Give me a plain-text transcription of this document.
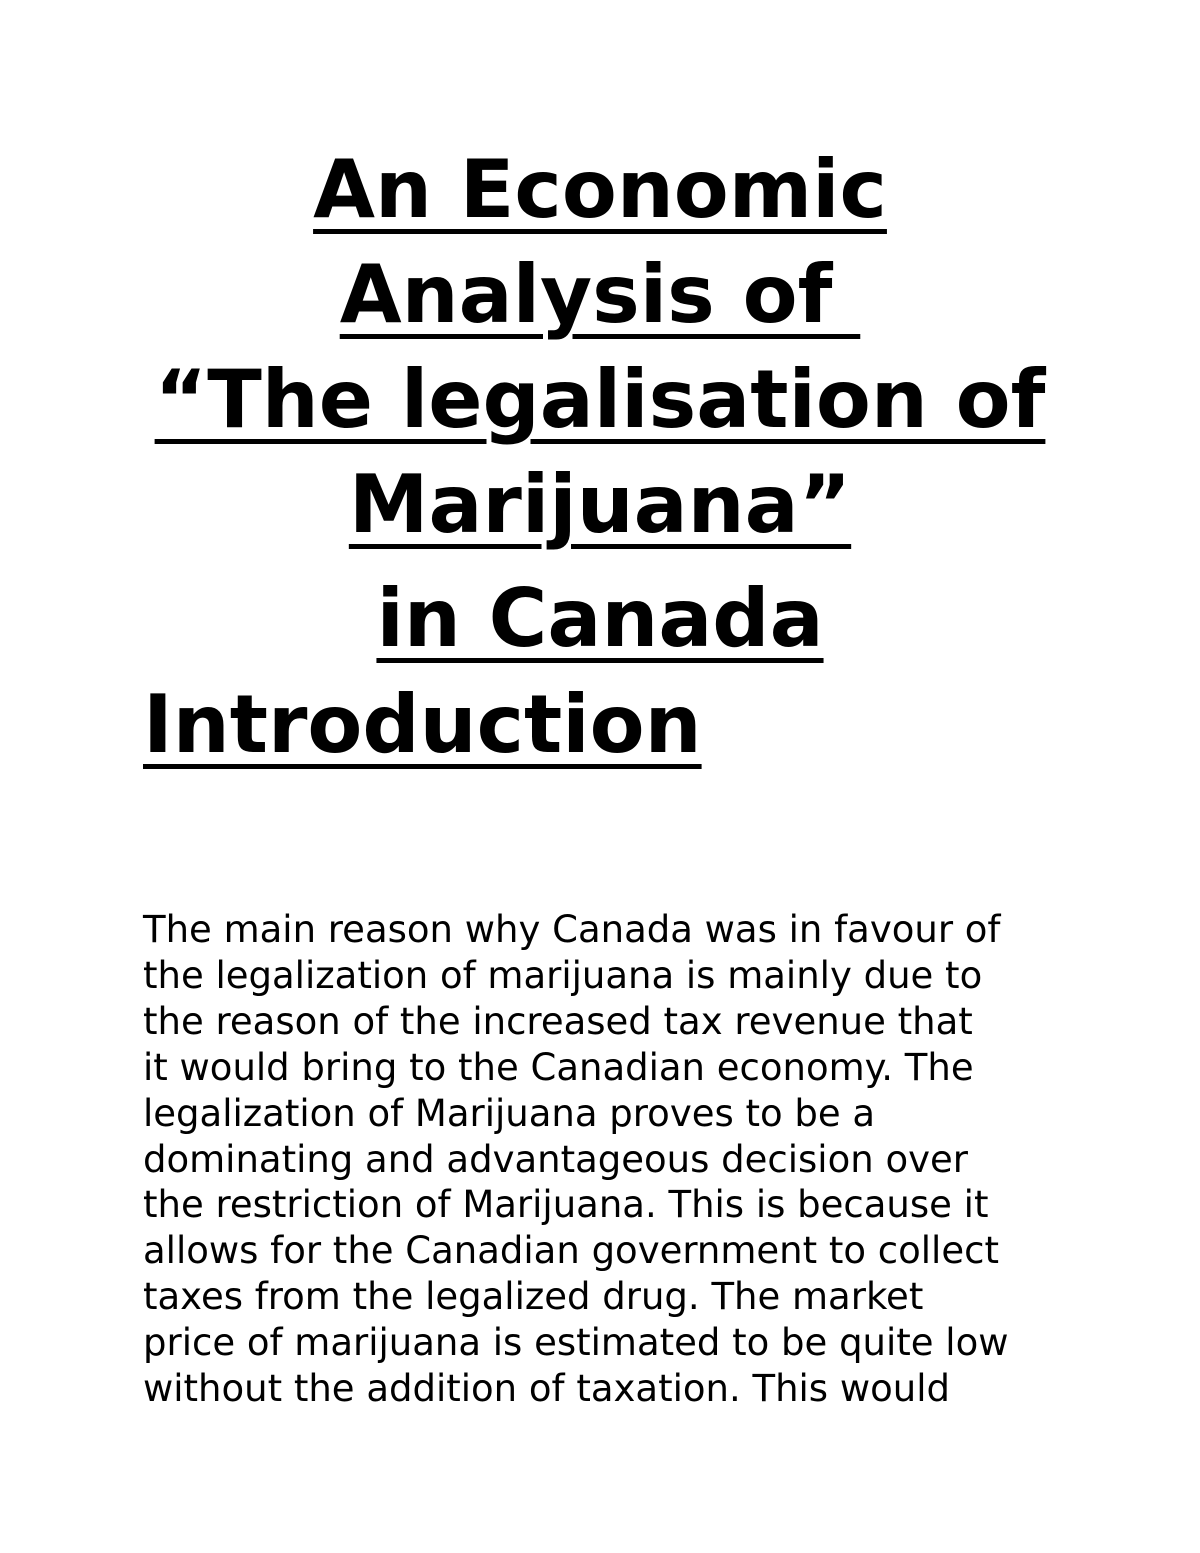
An Economic
Analysis of
“The legalisation of
Marijuana”
in Canada
Introduction
The main reason why Canada was in favour of
the legalization of marijuana is mainly due to
the reason of the increased tax revenue that
it would bring to the Canadian economy. The
legalization of Marijuana proves to be a
dominating and advantageous decision over
the restriction of Marijuana. This is because it
allows for the Canadian government to collect
taxes from the legalized drug. The market
price of marijuana is estimated to be quite low
without the addition of taxation. This would
